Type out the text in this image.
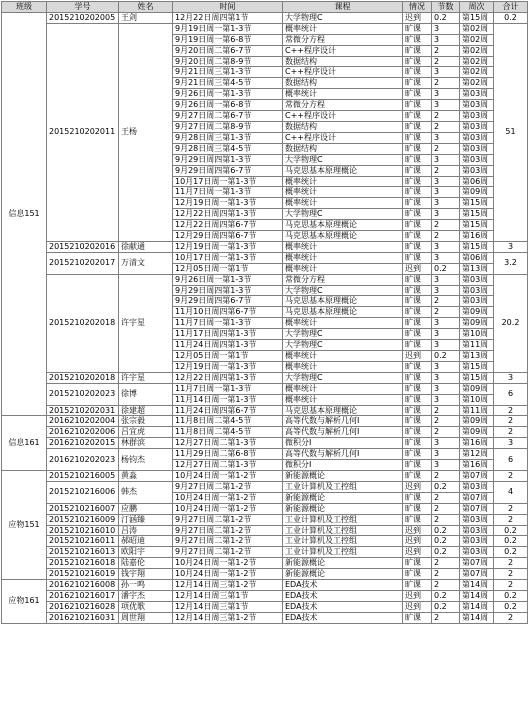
班级	学号	姓名	时间	课程	情况	节数	周次	合计
信息151	2015210202005	王剑	12月22日周四第1节	大学物理C	迟到	0.2	第15周	0.2
	2015210202011	王杨	9月19日周一第1-3节	概率统计	旷课	3	第02周	51
			9月19日周一第6-8节	常微分方程	旷课	3	第02周	
			9月20日周二第6-7节	C++程序设计	旷课	2	第02周	
			9月20日周二第8-9节	数据结构	旷课	2	第02周	
			9月21日周三第1-3节	C++程序设计	旷课	3	第02周	
			9月21日周三第4-5节	数据结构	旷课	2	第02周	
			9月26日周一第1-3节	概率统计	旷课	3	第03周	
			9月26日周一第6-8节	常微分方程	旷课	3	第03周	
			9月27日周二第6-7节	C++程序设计	旷课	2	第03周	
			9月27日周二第8-9节	数据结构	旷课	2	第03周	
			9月28日周三第1-3节	C++程序设计	旷课	3	第03周	
			9月28日周三第4-5节	数据结构	旷课	2	第03周	
			9月29日周四第1-3节	大学物理C	旷课	3	第03周	
			9月29日周四第6-7节	马克思基本原理概论	旷课	2	第03周	
			10月17日周一第1-3节	概率统计	旷课	3	第06周	
			11月7日周一第1-3节	概率统计	旷课	3	第09周	
			12月19日周一第1-3节	概率统计	旷课	3	第15周	
			12月22日周四第1-3节	大学物理C	旷课	3	第15周	
			12月22日周四第6-7节	马克思基本原理概论	旷课	2	第15周	
			12月29日周四第6-7节	马克思基本原理概论	旷课	2	第16周	
	2015210202016	徐献通	12月19日周一第1-3节	概率统计	旷课	3	第15周	3
	2015210202017	万清文	10月17日周一第1-3节	概率统计	旷课	3	第06周	3.2
			12月05日周一第1节	概率统计	迟到	0.2	第13周	
	2015210202018	许宇星	9月26日周一第1-3节	常微分方程	旷课	3	第03周	20.2
			9月29日周四第1-3节	大学物理C	旷课	3	第03周	
			9月29日周四第6-7节	马克思基本原理概论	旷课	2	第03周	
			11月10日周四第6-7节	马克思基本原理概论	旷课	2	第09周	
			11月7日周一第1-3节	概率统计	旷课	3	第09周	
			11月17日周四第1-3节	大学物理C	旷课	3	第10周	
			11月24日周四第1-3节	大学物理C	旷课	3	第11周	
			12月05日周一第1节	概率统计	迟到	0.2	第13周	
			12月19日周一第1-3节	概率统计	旷课	3	第15周	
	2015210202018	许宇星	12月22日周四第1-3节	大学物理C	旷课	3	第15周	3
	2015210202023	徐博	11月7日周一第1-3节	概率统计	旷课	3	第09周	6
			11月14日周一第1-3节	概率统计	旷课	3	第10周	
	2015210202031	徐建超	11月24日周四第6-7节	马克思基本原理概论	旷课	2	第11周	2
信息161	2016210202004	张宗毅	11月8日周二第4-5节	高等代数与解析几何I	旷课	2	第09周	2
	2016210202006	吕宜虎	11月8日周二第4-5节	高等代数与解析几何I	旷课	2	第09周	2
	2016210202015	林群滨	12月27日周二第1-3节	微积分I	旷课	3	第16周	3
	2016210202023	杨钧杰	11月29日周二第6-8节	高等代数与解析几何I	旷课	3	第12周	6
			12月27日周二第1-3节	微积分I	旷课	3	第16周	
应物151	2015210216005	黄淼	10月24日周一第1-2节	新能源概论	旷课	2	第07周	2
	2015210216006	韩杰	9月27日周二第1-2节	工业计算机及工控组	迟到	0.2	第03周	4
			10月24日周一第1-2节	新能源概论	旷课	2	第07周	
	2015210216007	应鹏	10月24日周一第1-2节	新能源概论	旷课	2	第07周	2
	2015210216009	汀涵臻	9月27日周二第1-2节	工业计算机及工控组	旷课	2	第03周	2
	2015210216010	吕涛	9月27日周二第1-2节	工业计算机及工控组	迟到	0.2	第03周	0.2
	2015210216011	郝昭迪	9月27日周二第1-2节	工业计算机及工控组	迟到	0.2	第03周	0.2
	2015210216013	欧阳宇	9月27日周二第1-2节	工业计算机及工控组	迟到	0.2	第03周	0.2
	2015210216018	陆嘉伦	10月24日周一第1-2节	新能源概论	旷课	2	第07周	2
	2015210216019	钱宇翔	10月24日周一第1-2节	新能源概论	旷课	2	第07周	2
应物161	2016210216008	孙一鸣	12月14日周三第1-2节	EDA技术	旷课	2	第14周	2
	2016210216017	潘宇杰	12月14日周三第1节	EDA技术	迟到	0.2	第14周	0.2
	2016210216028	项优歌	12月14日周三第1节	EDA技术	迟到	0.2	第14周	0.2
	2016210216031	周世翔	12月14日周三第1-2节	EDA技术	旷课	2	第14周	2
